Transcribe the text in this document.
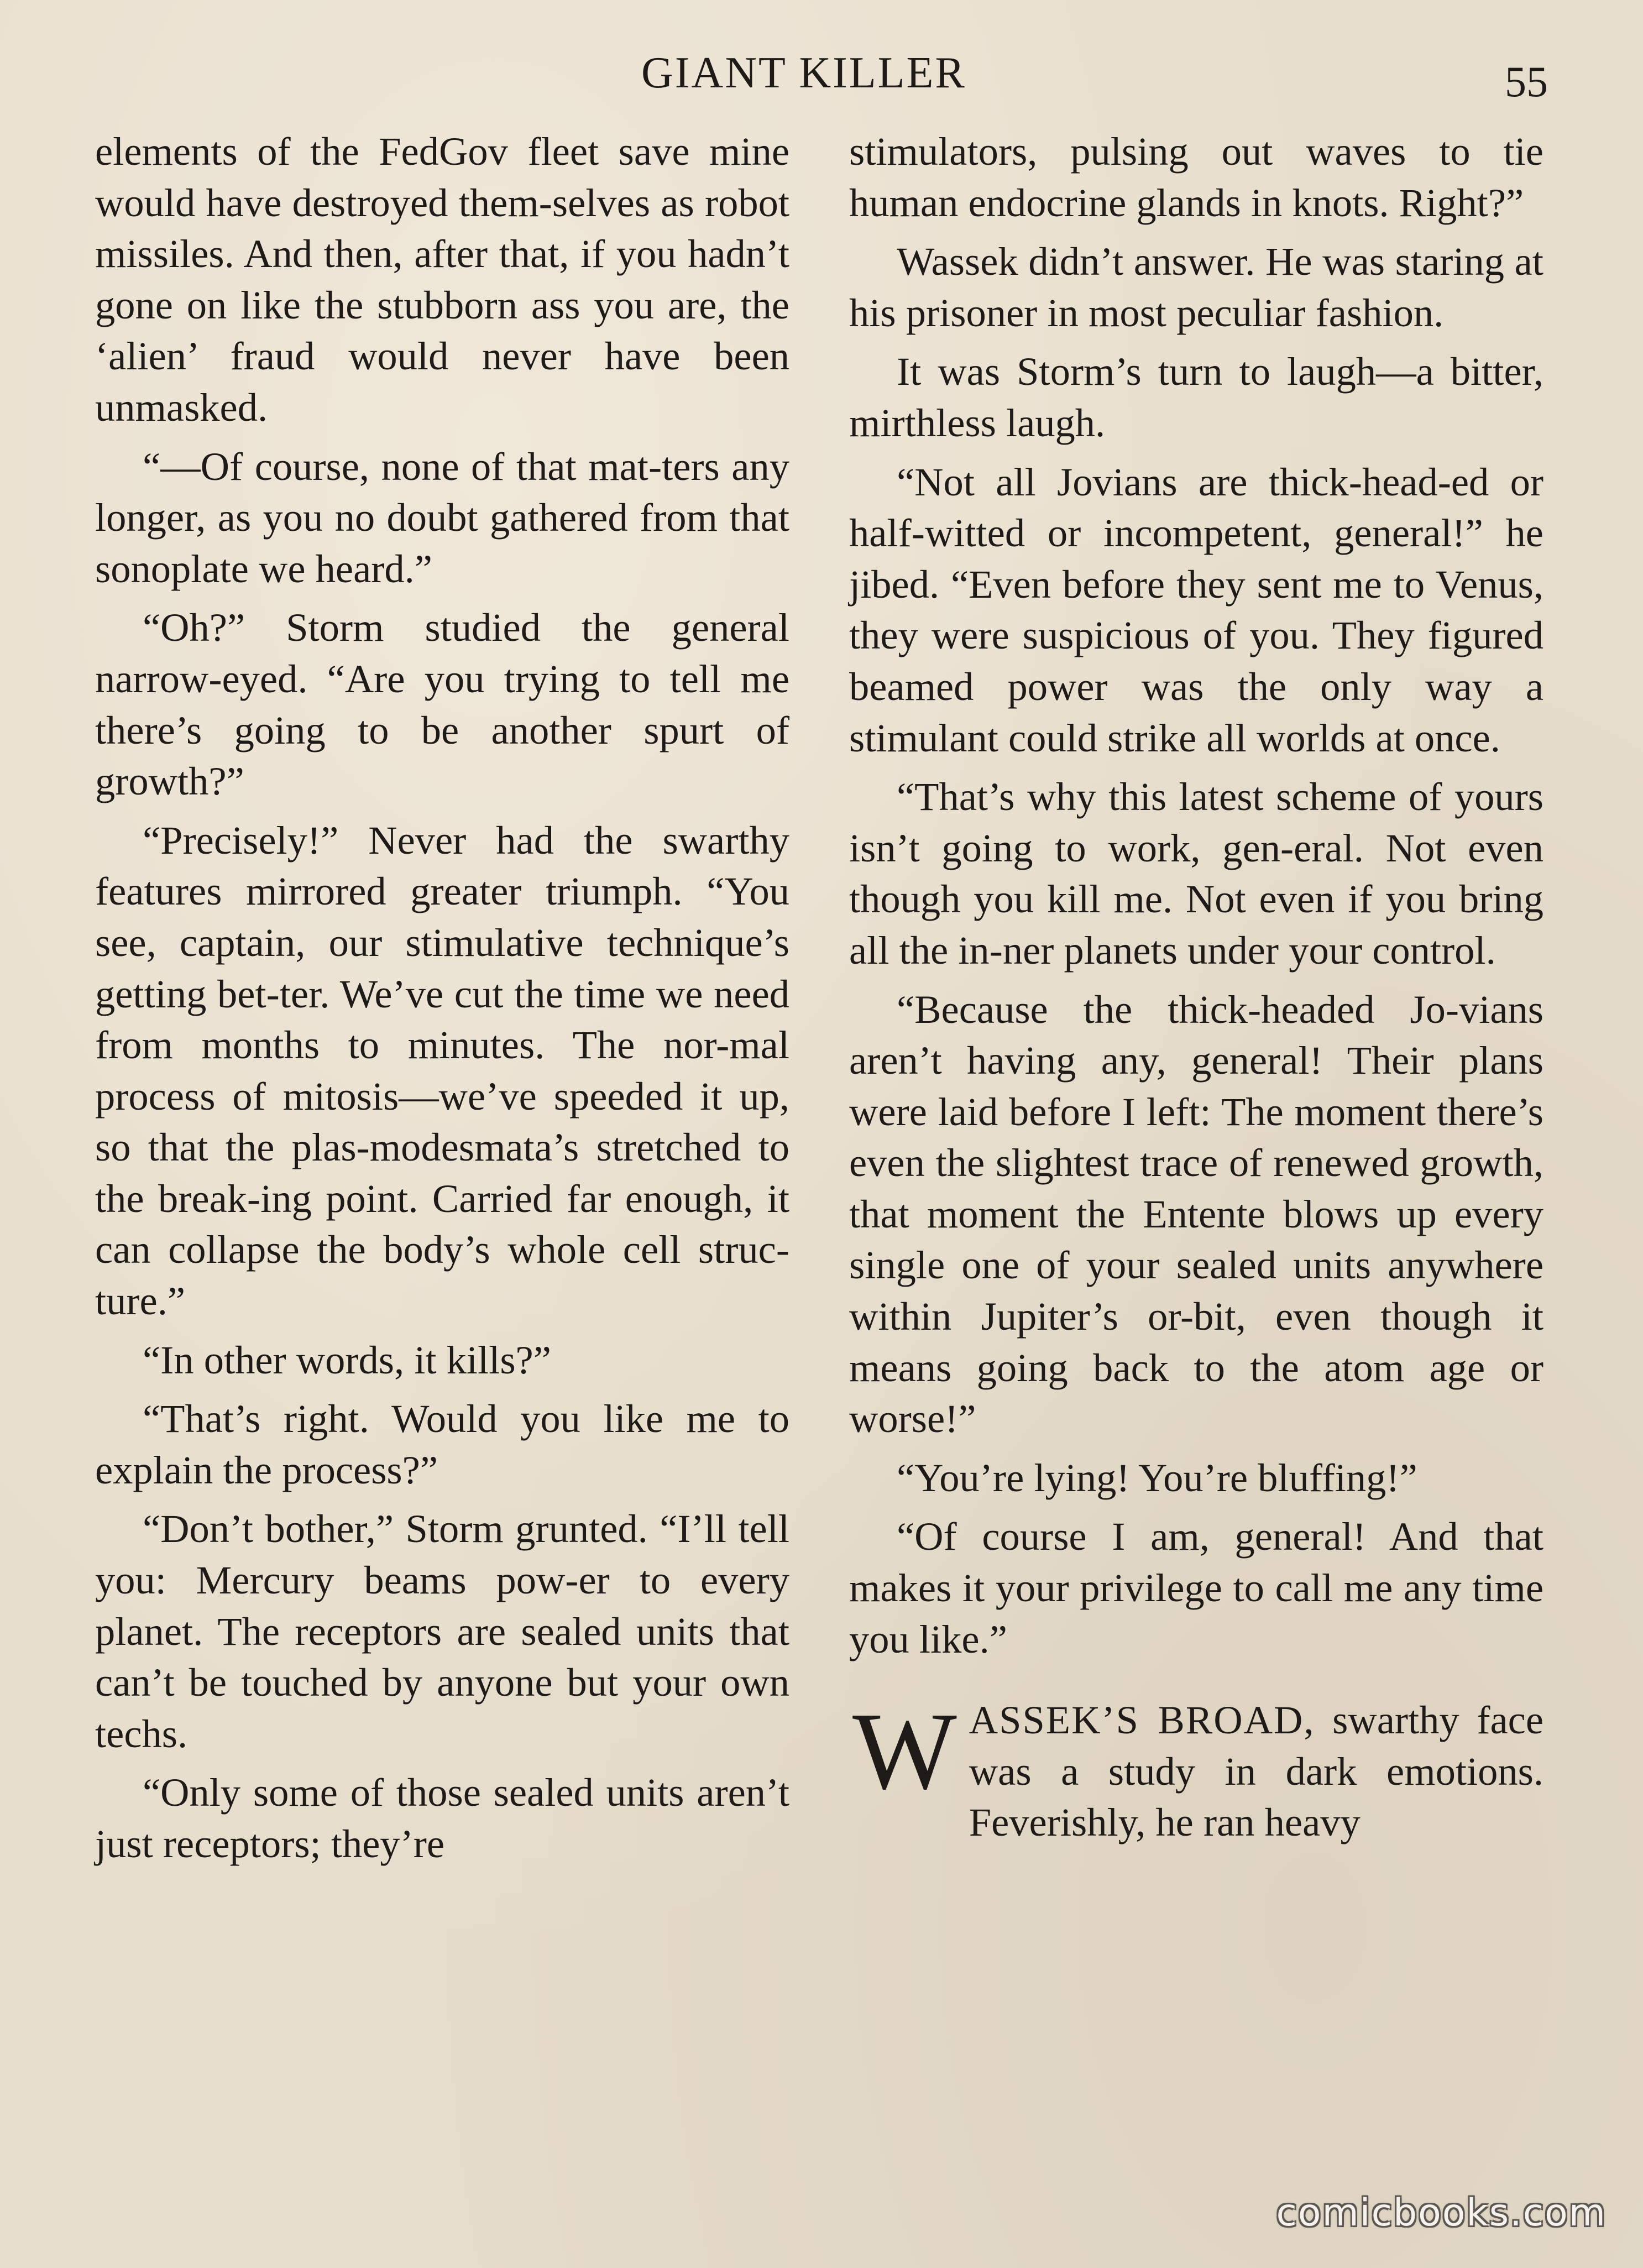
GIANT KILLER	55

elements of the FedGov fleet save mine would have destroyed them-selves as robot missiles. And then, after that, if you hadn’t gone on like the stubborn ass you are, the ‘alien’ fraud would never have been unmasked.

“—Of course, none of that mat-ters any longer, as you no doubt gathered from that sonoplate we heard.”

“Oh?” Storm studied the general narrow-eyed. “Are you trying to tell me there’s going to be another spurt of growth?”

“Precisely!” Never had the swarthy features mirrored greater triumph. “You see, captain, our stimulative technique’s getting bet-ter. We’ve cut the time we need from months to minutes. The nor-mal process of mitosis—we’ve speeded it up, so that the plas-modesmata’s stretched to the break-ing point. Carried far enough, it can collapse the body’s whole cell struc-ture.”

“In other words, it kills?”

“That’s right. Would you like me to explain the process?”

“Don’t bother,” Storm grunted. “I’ll tell you: Mercury beams pow-er to every planet. The receptors are sealed units that can’t be touched by anyone but your own techs.

“Only some of those sealed units aren’t just receptors; they’re

stimulators, pulsing out waves to tie human endocrine glands in knots. Right?”

Wassek didn’t answer. He was staring at his prisoner in most peculiar fashion.

It was Storm’s turn to laugh—a bitter, mirthless laugh.

“Not all Jovians are thick-head-ed or half-witted or incompetent, general!” he jibed. “Even before they sent me to Venus, they were suspicious of you. They figured beamed power was the only way a stimulant could strike all worlds at once.

“That’s why this latest scheme of yours isn’t going to work, gen-eral. Not even though you kill me. Not even if you bring all the in-ner planets under your control.

“Because the thick-headed Jo-vians aren’t having any, general! Their plans were laid before I left: The moment there’s even the slightest trace of renewed growth, that moment the Entente blows up every single one of your sealed units anywhere within Jupiter’s or-bit, even though it means going back to the atom age or worse!”

“You’re lying! You’re bluffing!”

“Of course I am, general! And that makes it your privilege to call me any time you like.”

WASSEK’S BROAD, swarthy face was a study in dark emotions. Feverishly, he ran heavy

comicbooks.com
